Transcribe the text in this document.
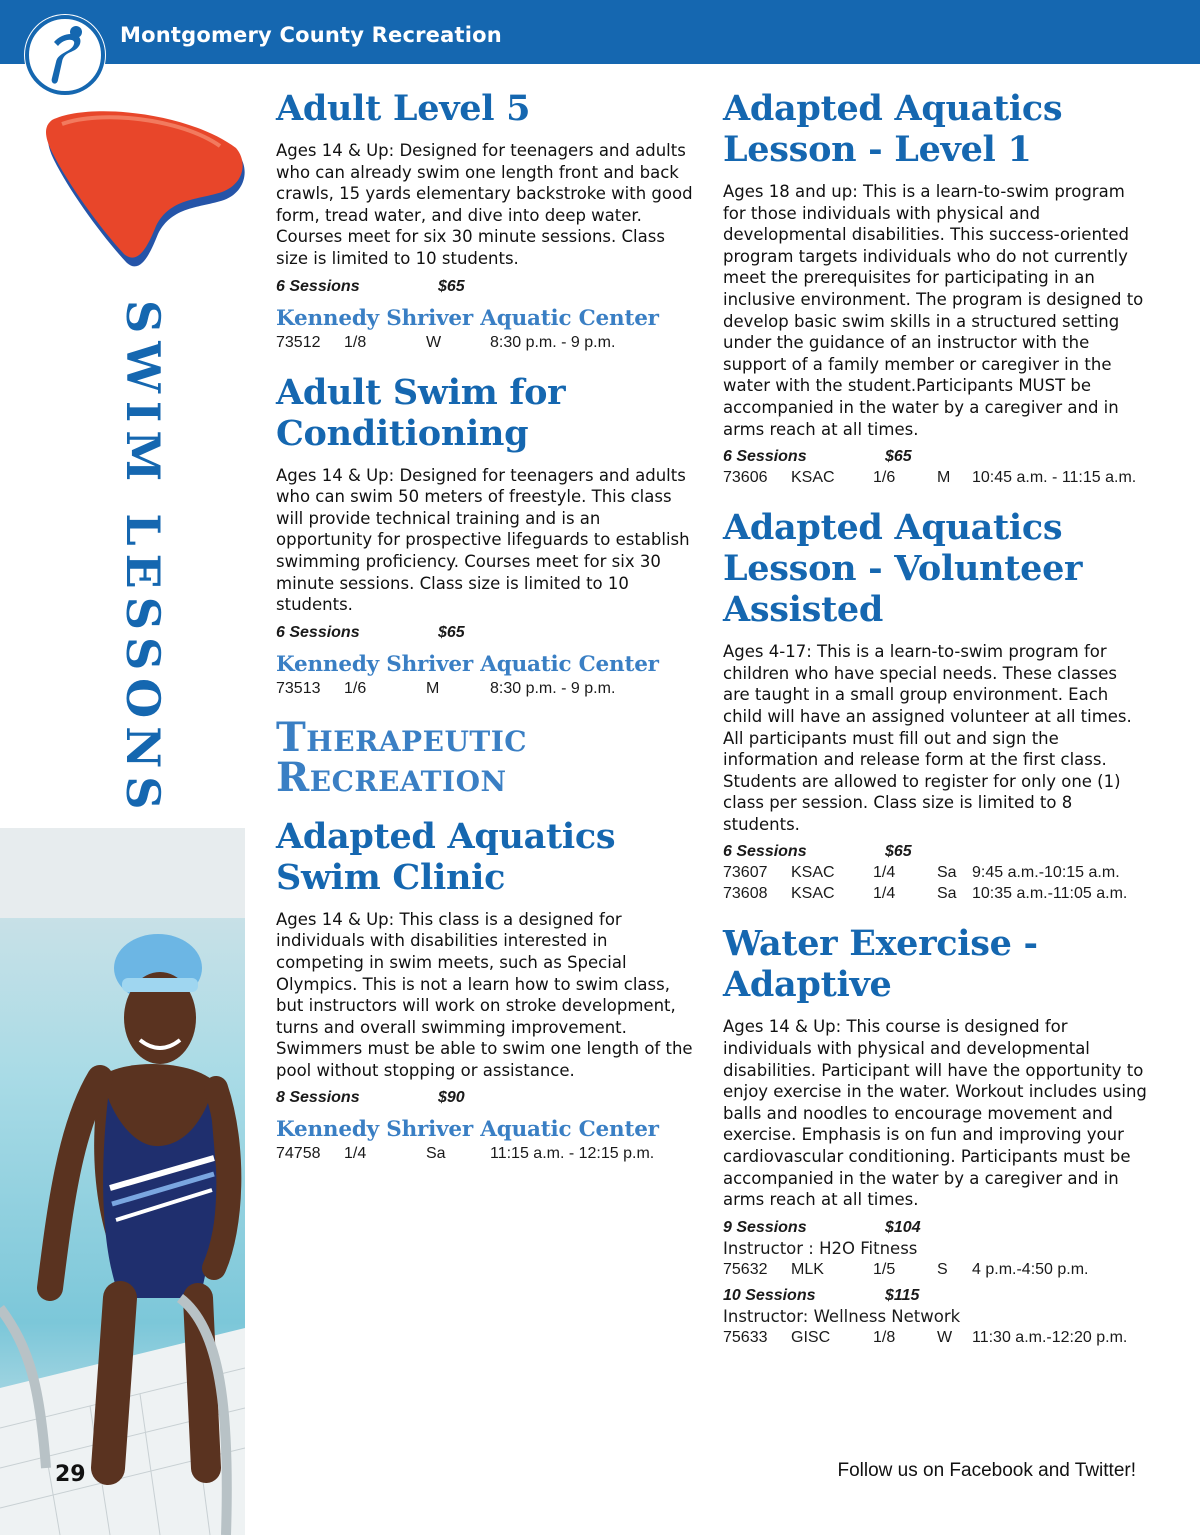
Montgomery County Recreation
SWIM LESSONS
29	Follow us on Facebook and Twitter!
Adult Level 5

Ages 14 & Up: Designed for teenagers and adults who can already swim one length front and back crawls, 15 yards elementary backstroke with good form, tread water, and dive into deep water. Courses meet for six 30 minute sessions. Class size is limited to 10 students.

6 Sessions	$65
Kennedy Shriver Aquatic Center
73512	1/8	W	8:30 p.m. - 9 p.m.
Adult Swim for Conditioning

Ages 14 & Up: Designed for teenagers and adults who can swim 50 meters of freestyle. This class will provide technical training and is an opportunity for prospective lifeguards to establish swimming proficiency. Courses meet for six 30 minute sessions. Class size is limited to 10 students.

6 Sessions	$65
Kennedy Shriver Aquatic Center
73513	1/6	M	8:30 p.m. - 9 p.m.
Therapeutic Recreation
Adapted Aquatics Swim Clinic

Ages 14 & Up: This class is a designed for individuals with disabilities interested in competing in swim meets, such as Special Olympics. This is not a learn how to swim class, but instructors will work on stroke development, turns and overall swimming improvement. Swimmers must be able to swim one length of the pool without stopping or assistance.

8 Sessions	$90
Kennedy Shriver Aquatic Center
74758	1/4	Sa	11:15 a.m. - 12:15 p.m.
Adapted Aquatics Lesson - Level 1

Ages 18 and up: This is a learn-to-swim program for those individuals with physical and developmental disabilities. This success-oriented program targets individuals who do not currently meet the prerequisites for participating in an inclusive environment. The program is designed to develop basic swim skills in a structured setting under the guidance of an instructor with the support of a family member or caregiver in the water with the student.Participants MUST be accompanied in the water by a caregiver and in arms reach at all times.

6 Sessions	$65
73606	KSAC	1/6	M	10:45 a.m. - 11:15 a.m.
Adapted Aquatics Lesson - Volunteer Assisted

Ages 4-17: This is a learn-to-swim program for children who have special needs. These classes are taught in a small group environment. Each child will have an assigned volunteer at all times. All participants must fill out and sign the information and release form at the first class. Students are allowed to register for only one (1) class per session. Class size is limited to 8 students.

6 Sessions	$65
73607	KSAC	1/4	Sa 9:45 a.m.-10:15 a.m.
73608	KSAC	1/4	Sa 10:35 a.m.-11:05 a.m.
Water Exercise - Adaptive

Ages 14 & Up: This course is designed for individuals with physical and developmental disabilities. Participant will have the opportunity to enjoy exercise in the water. Workout includes using balls and noodles to encourage movement and exercise. Emphasis is on fun and improving your cardiovascular conditioning. Participants must be accompanied in the water by a caregiver and in arms reach at all times.

9 Sessions	$104
Instructor : H2O Fitness
75632	MLK	1/5	S	4 p.m.-4:50 p.m.
10 Sessions	$115
Instructor: Wellness Network
75633	GISC	1/8	W	11:30 a.m.-12:20 p.m.
